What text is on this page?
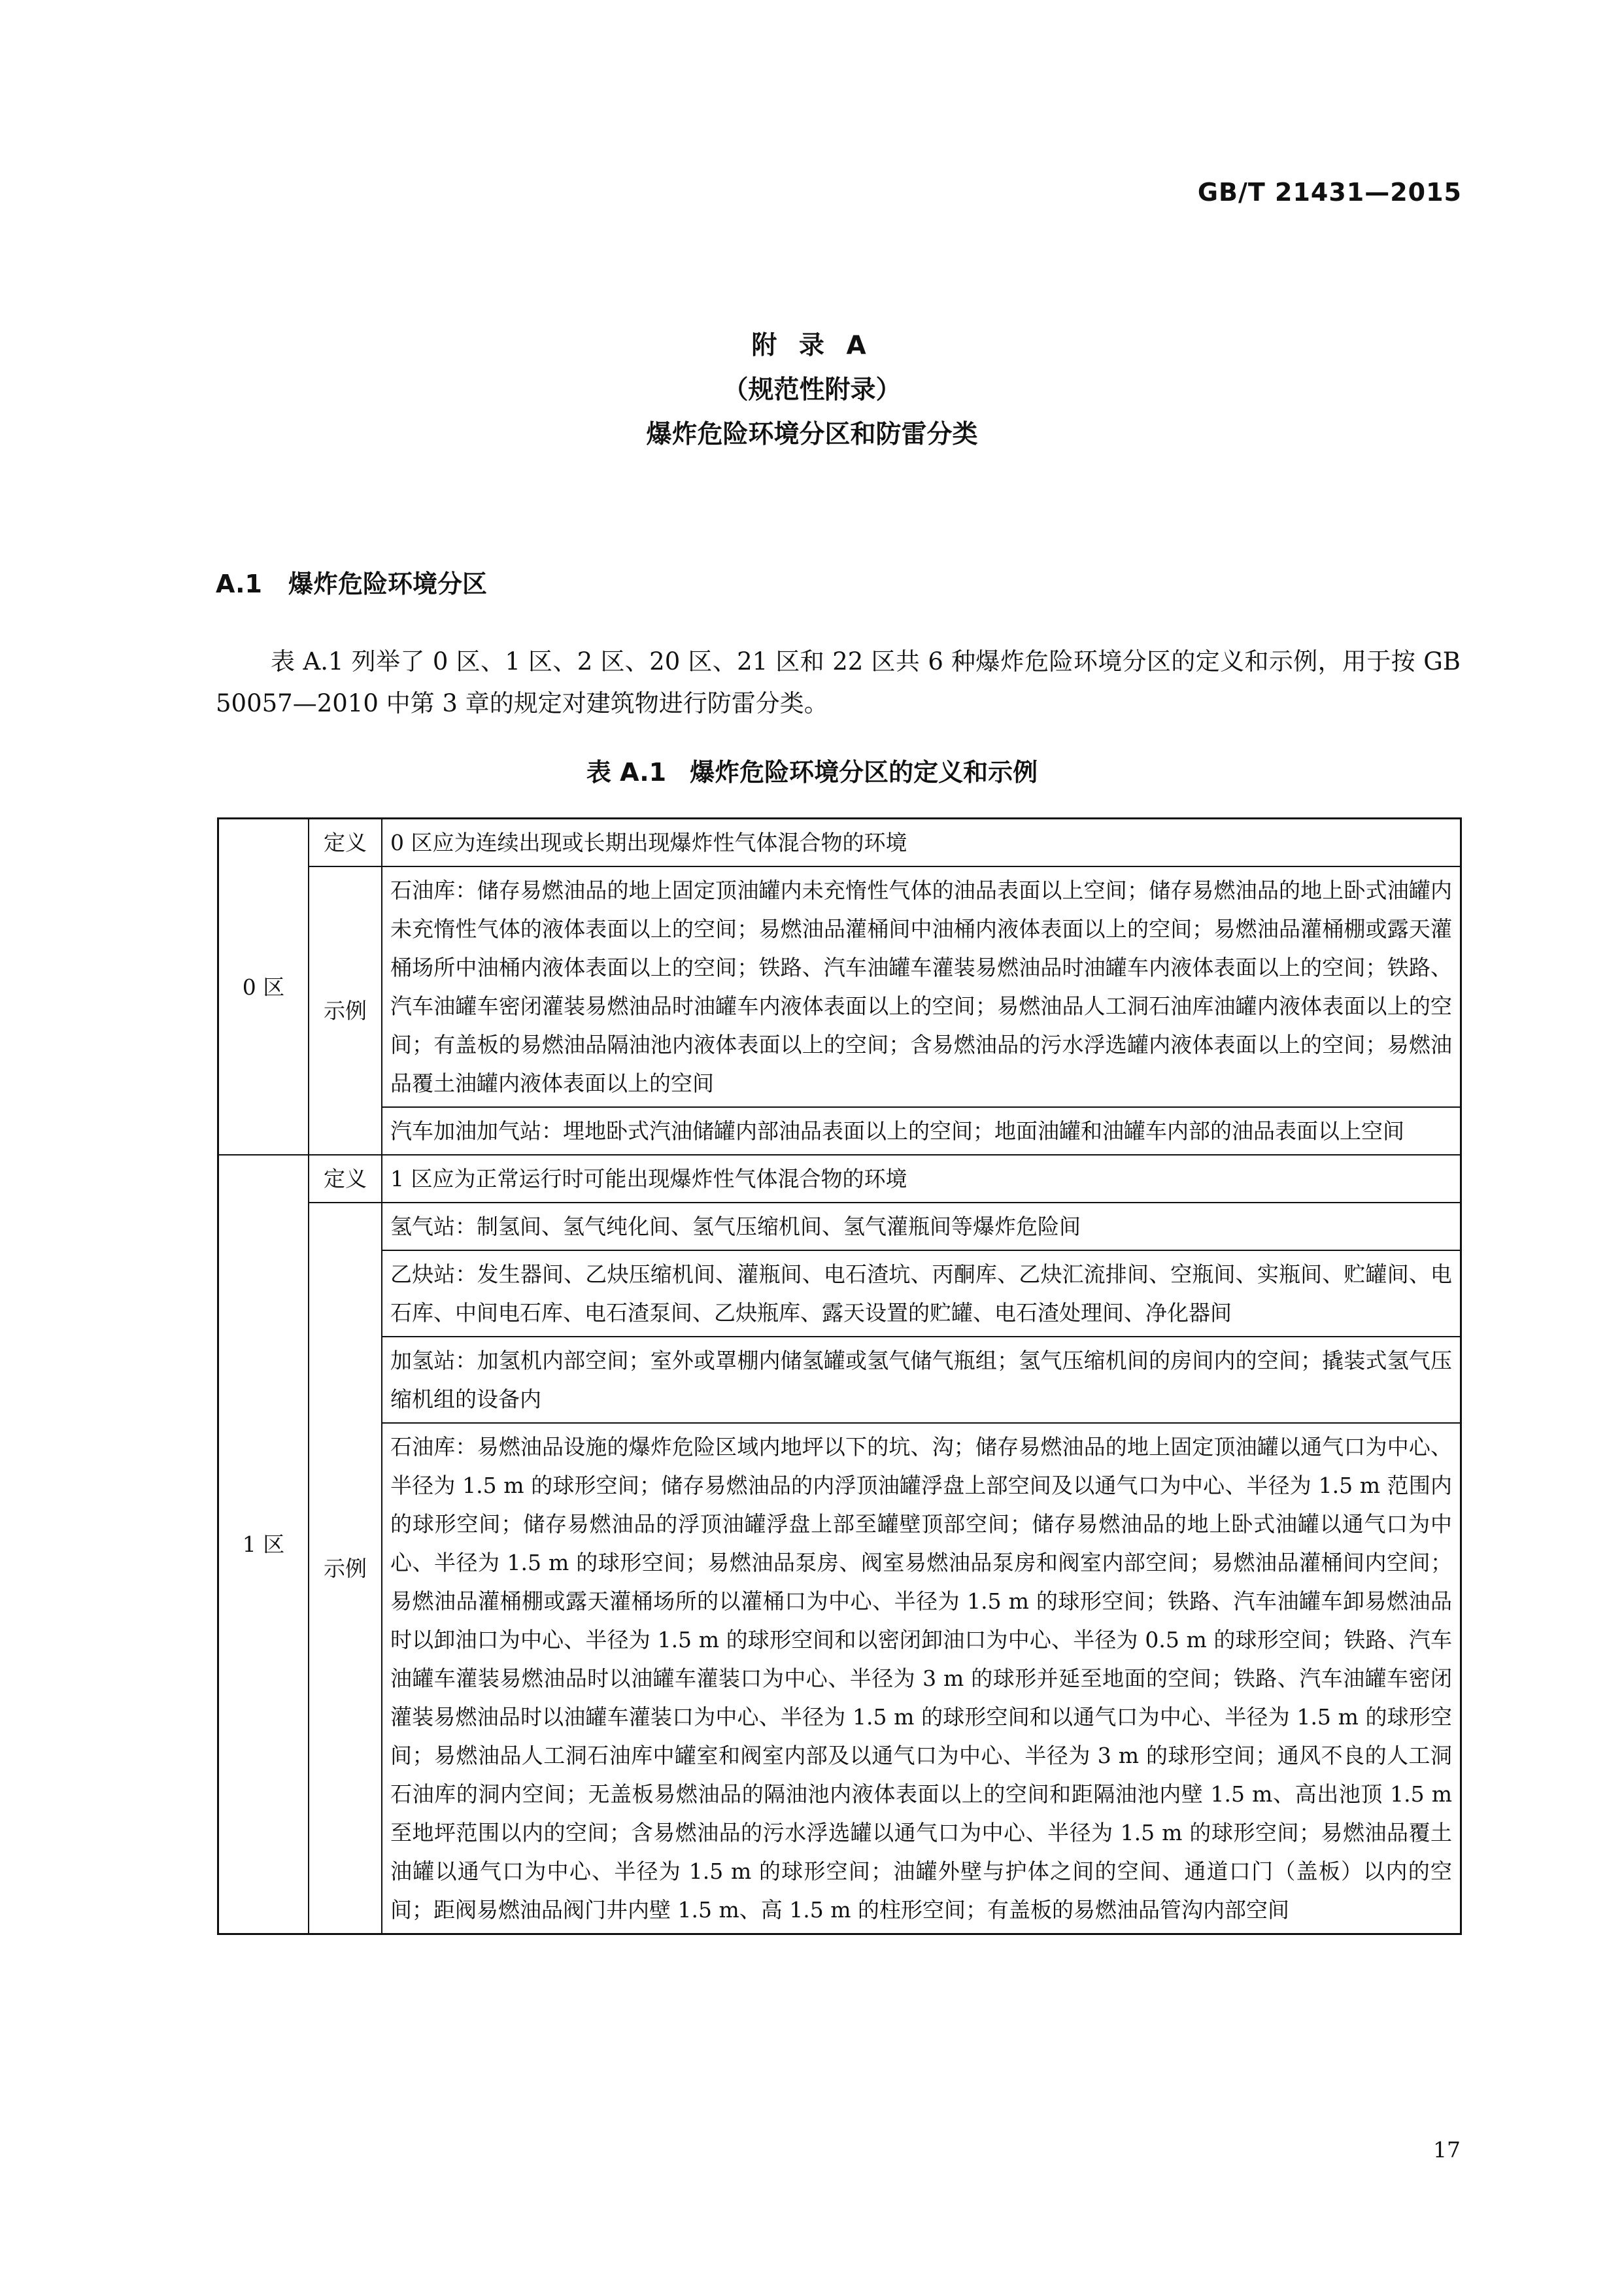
GB/T 21431—2015
附 录 A
（规范性附录）
爆炸危险环境分区和防雷分类
A.1 爆炸危险环境分区
表 A.1 列举了 0 区、1 区、2 区、20 区、21 区和 22 区共 6 种爆炸危险环境分区的定义和示例，用于按 GB 50057—2010 中第 3 章的规定对建筑物进行防雷分类。
表 A.1 爆炸危险环境分区的定义和示例
0 区	定义	0 区应为连续出现或长期出现爆炸性气体混合物的环境
	示例	石油库：储存易燃油品的地上固定顶油罐内未充惰性气体的油品表面以上空间；储存易燃油品的地上卧式油罐内未充惰性气体的液体表面以上的空间；易燃油品灌桶间中油桶内液体表面以上的空间；易燃油品灌桶棚或露天灌桶场所中油桶内液体表面以上的空间；铁路、汽车油罐车灌装易燃油品时油罐车内液体表面以上的空间；铁路、汽车油罐车密闭灌装易燃油品时油罐车内液体表面以上的空间；易燃油品人工洞石油库油罐内液体表面以上的空间；有盖板的易燃油品隔油池内液体表面以上的空间；含易燃油品的污水浮选罐内液体表面以上的空间；易燃油品覆土油罐内液体表面以上的空间
		汽车加油加气站：埋地卧式汽油储罐内部油品表面以上的空间；地面油罐和油罐车内部的油品表面以上空间
1 区	定义	1 区应为正常运行时可能出现爆炸性气体混合物的环境
	示例	氢气站：制氢间、氢气纯化间、氢气压缩机间、氢气灌瓶间等爆炸危险间
		乙炔站：发生器间、乙炔压缩机间、灌瓶间、电石渣坑、丙酮库、乙炔汇流排间、空瓶间、实瓶间、贮罐间、电石库、中间电石库、电石渣泵间、乙炔瓶库、露天设置的贮罐、电石渣处理间、净化器间
		加氢站：加氢机内部空间；室外或罩棚内储氢罐或氢气储气瓶组；氢气压缩机间的房间内的空间；撬装式氢气压缩机组的设备内
		石油库：易燃油品设施的爆炸危险区域内地坪以下的坑、沟；储存易燃油品的地上固定顶油罐以通气口为中心、半径为 1.5 m 的球形空间；储存易燃油品的内浮顶油罐浮盘上部空间及以通气口为中心、半径为 1.5 m 范围内的球形空间；储存易燃油品的浮顶油罐浮盘上部至罐壁顶部空间；储存易燃油品的地上卧式油罐以通气口为中心、半径为 1.5 m 的球形空间；易燃油品泵房、阀室易燃油品泵房和阀室内部空间；易燃油品灌桶间内空间；易燃油品灌桶棚或露天灌桶场所的以灌桶口为中心、半径为 1.5 m 的球形空间；铁路、汽车油罐车卸易燃油品时以卸油口为中心、半径为 1.5 m 的球形空间和以密闭卸油口为中心、半径为 0.5 m 的球形空间；铁路、汽车油罐车灌装易燃油品时以油罐车灌装口为中心、半径为 3 m 的球形并延至地面的空间；铁路、汽车油罐车密闭灌装易燃油品时以油罐车灌装口为中心、半径为 1.5 m 的球形空间和以通气口为中心、半径为 1.5 m 的球形空间；易燃油品人工洞石油库中罐室和阀室内部及以通气口为中心、半径为 3 m 的球形空间；通风不良的人工洞石油库的洞内空间；无盖板易燃油品的隔油池内液体表面以上的空间和距隔油池内壁 1.5 m、高出池顶 1.5 m 至地坪范围以内的空间；含易燃油品的污水浮选罐以通气口为中心、半径为 1.5 m 的球形空间；易燃油品覆土油罐以通气口为中心、半径为 1.5 m 的球形空间；油罐外壁与护体之间的空间、通道口门（盖板）以内的空间；距阀易燃油品阀门井内壁 1.5 m、高 1.5 m 的柱形空间；有盖板的易燃油品管沟内部空间
17
